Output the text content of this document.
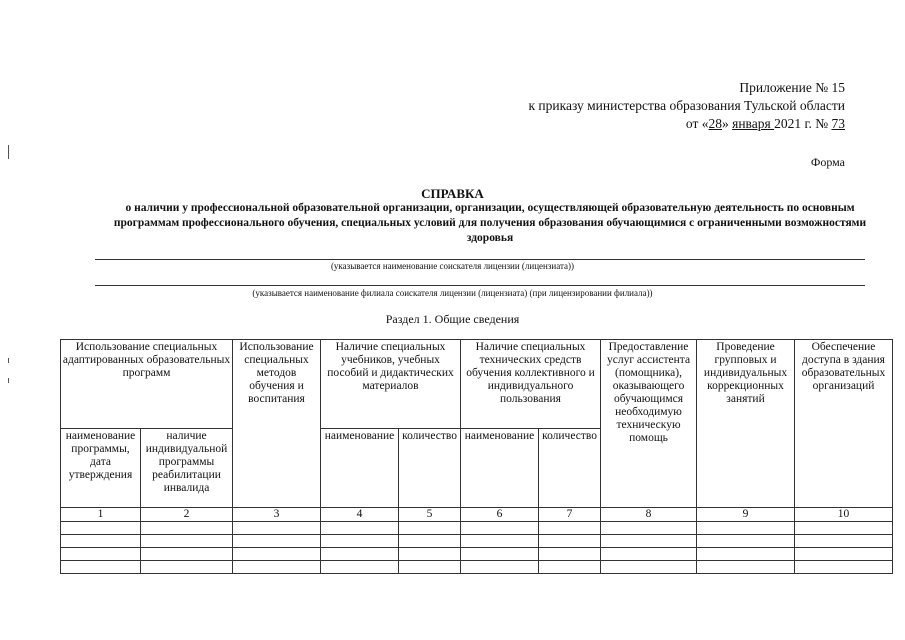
Приложение № 15
к приказу министерства образования Тульской области
от «28» января 2021 г. № 73
Форма
СПРАВКА
о наличии у профессиональной образовательной организации, организации, осуществляющей образовательную деятельность по основным программам профессионального обучения, специальных условий для получения образования обучающимися с ограниченными возможностями здоровья
(указывается наименование соискателя лицензии (лицензиата))
(указывается наименование филиала соискателя лицензии (лицензиата) (при лицензировании филиала))
Раздел 1. Общие сведения
Использование специальных адаптированных образовательных программ		Использование специальных методов обучения и воспитания	Наличие специальных учебников, учебных пособий и дидактических материалов		Наличие специальных технических средств обучения коллективного и индивидуального пользования		Предоставление услуг ассистента (помощника), оказывающего обучающимся необходимую техническую помощь	Проведение групповых и индивидуальных коррекционных занятий	Обеспечение доступа в здания образовательных организаций
наименование программы, дата утверждения	наличие индивидуальной программы реабилитации инвалида		наименование	количество	наименование	количество			
1	2	3	4	5	6	7	8	9	10
